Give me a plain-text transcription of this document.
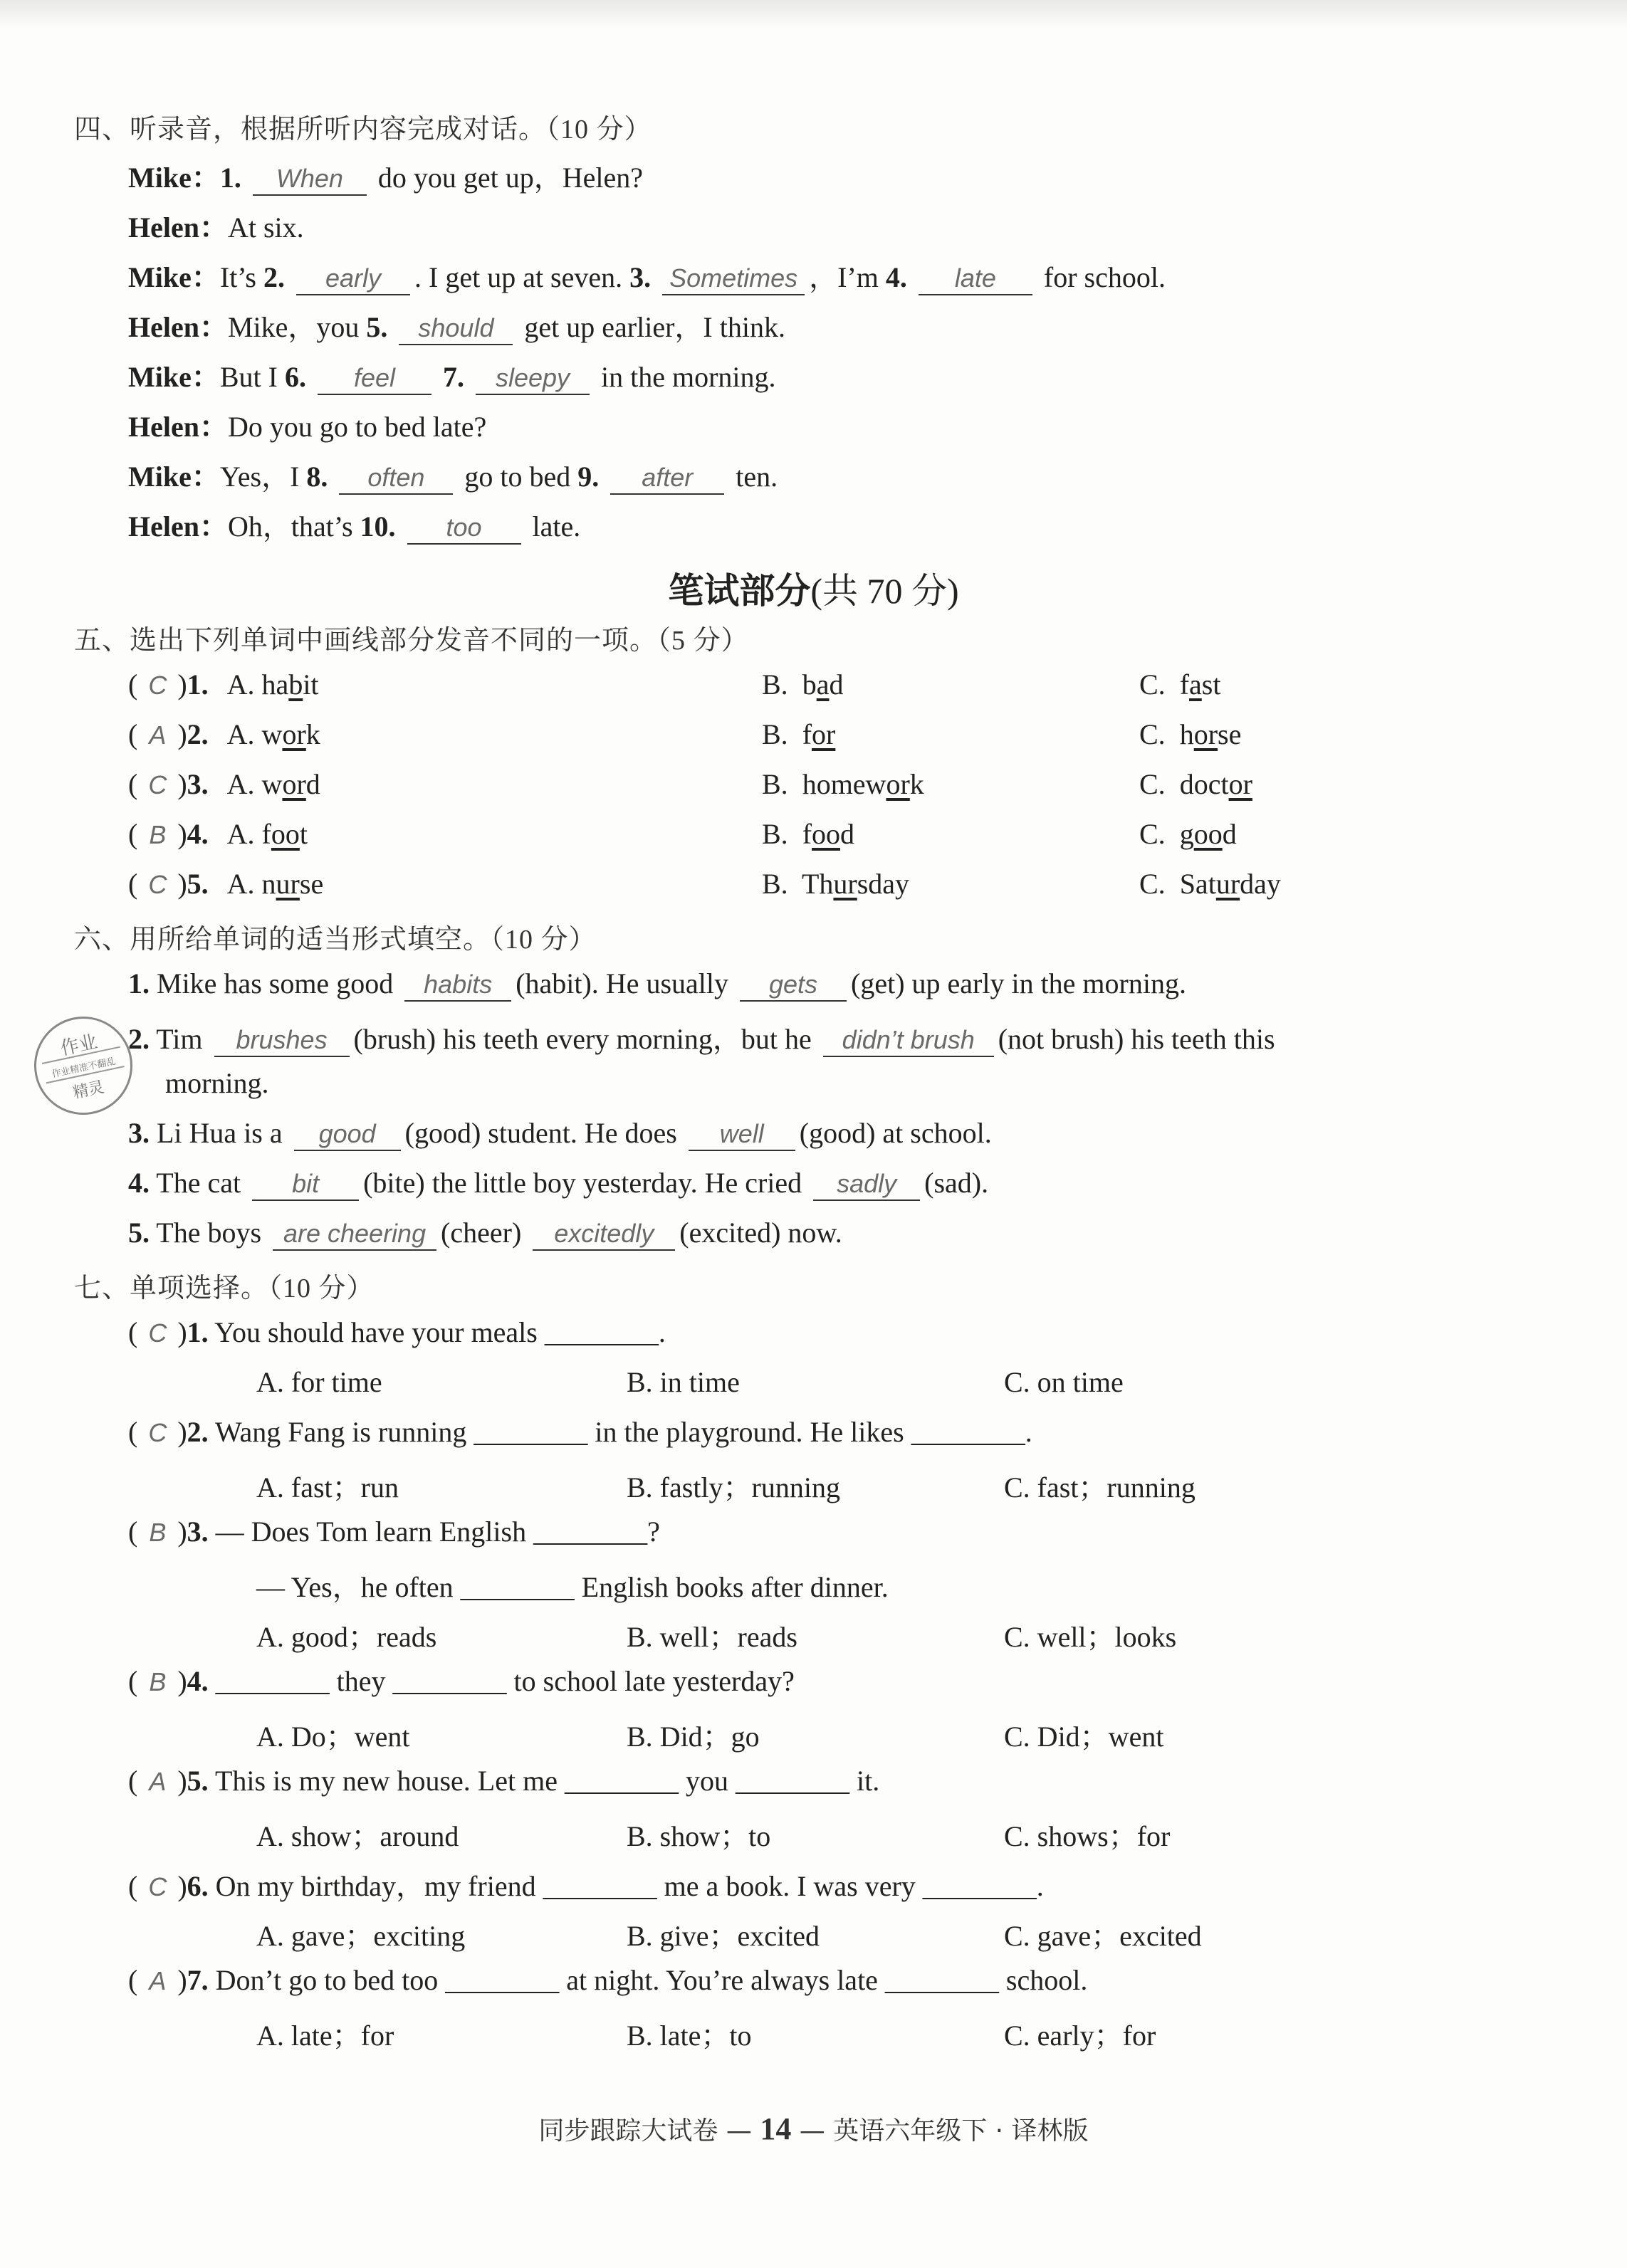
四、听录音，根据所听内容完成对话。（10 分）
Mike：1. When do you get up，Helen?
Helen：At six.
Mike：It’s 2. early . I get up at seven. 3. Sometimes ，I’m 4. late for school.
Helen：Mike，you 5. should get up earlier，I think.
Mike：But I 6. feel 7. sleepy in the morning.
Helen：Do you go to bed late?
Mike：Yes，I 8. often go to bed 9. after ten.
Helen：Oh，that’s 10. too late.
笔试部分(共 70 分)
五、选出下列单词中画线部分发音不同的一项。（5 分）
( C )1. A. habit	B.  bad	C.  fast
( A )2. A. work	B.  for	C.  horse
( C )3. A. word	B.  homework	C.  doctor
( B )4. A. foot	B.  food	C.  good
( C )5. A. nurse	B.  Thursday	C.  Saturday
六、用所给单词的适当形式填空。（10 分）
1. Mike has some good habits (habit). He usually gets (get) up early in the morning.
2. Tim brushes (brush) his teeth every morning，but he didn’t brush (not brush) his teeth this
morning.
3. Li Hua is a good (good) student. He does well (good) at school.
4. The cat bit (bite) the little boy yesterday. He cried sadly (sad).
5. The boys are cheering (cheer) excitedly (excited) now.
七、单项选择。（10 分）
( C )1. You should have your meals ________.
A. for time	B. in time	C. on time
( C )2. Wang Fang is running ________ in the playground. He likes ________.
A. fast；run	B. fastly；running	C. fast；running
( B )3. — Does Tom learn English ________?
— Yes，he often ________ English books after dinner.
A. good；reads	B. well；reads	C. well；looks
( B )4. ________ they ________ to school late yesterday?
A. Do；went	B. Did；go	C. Did；went
( A )5. This is my new house. Let me ________ you ________ it.
A. show；around	B. show；to	C. shows；for
( C )6. On my birthday，my friend ________ me a book. I was very ________.
A. gave；exciting	B. give；excited	C. gave；excited
( A )7. Don’t go to bed too ________ at night. You’re always late ________ school.
A. late；for	B. late；to	C. early；for
作业
作业精准不翻乱
精灵
同步跟踪大试卷 — 14 — 英语六年级下 · 译林版
